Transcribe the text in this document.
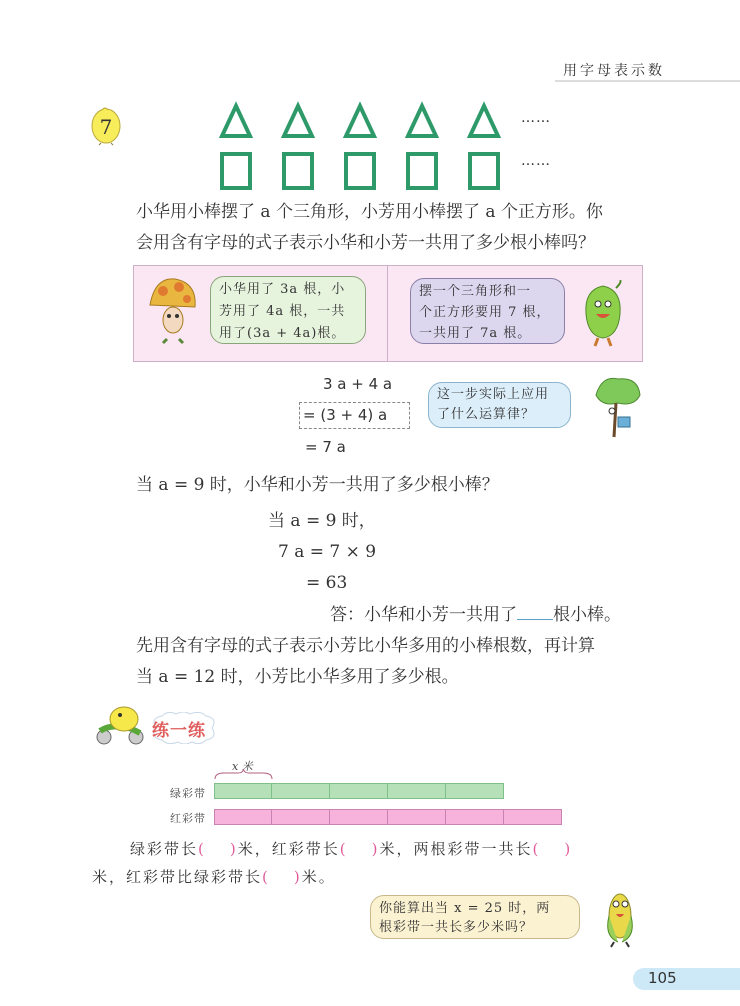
用字母表示数
7	……
……
小华用小棒摆了 a 个三角形，小芳用小棒摆了 a 个正方形。你
会用含有字母的式子表示小华和小芳一共用了多少根小棒吗？
小华用了 3a 根，小
芳用了 4a 根，一共
用了(3a + 4a)根。
摆一个三角形和一
个正方形要用 7 根，
一共用了 7a 根。
3 a + 4 a
= (3 + 4) a
= 7 a
这一步实际上应用
了什么运算律？
当 a = 9 时，小华和小芳一共用了多少根小棒？
当 a = 9 时，
7 a = 7 × 9
= 63
答：小华和小芳一共用了 根小棒。
先用含有字母的式子表示小芳比小华多用的小棒根数，再计算
当 a = 12 时，小芳比小华多用了多少根。
练一练
x 米
绿彩带
红彩带
绿彩带长( )米，红彩带长( )米，两根彩带一共长( )
米，红彩带比绿彩带长( )米。
你能算出当 x = 25 时，两
根彩带一共长多少米吗？
105
